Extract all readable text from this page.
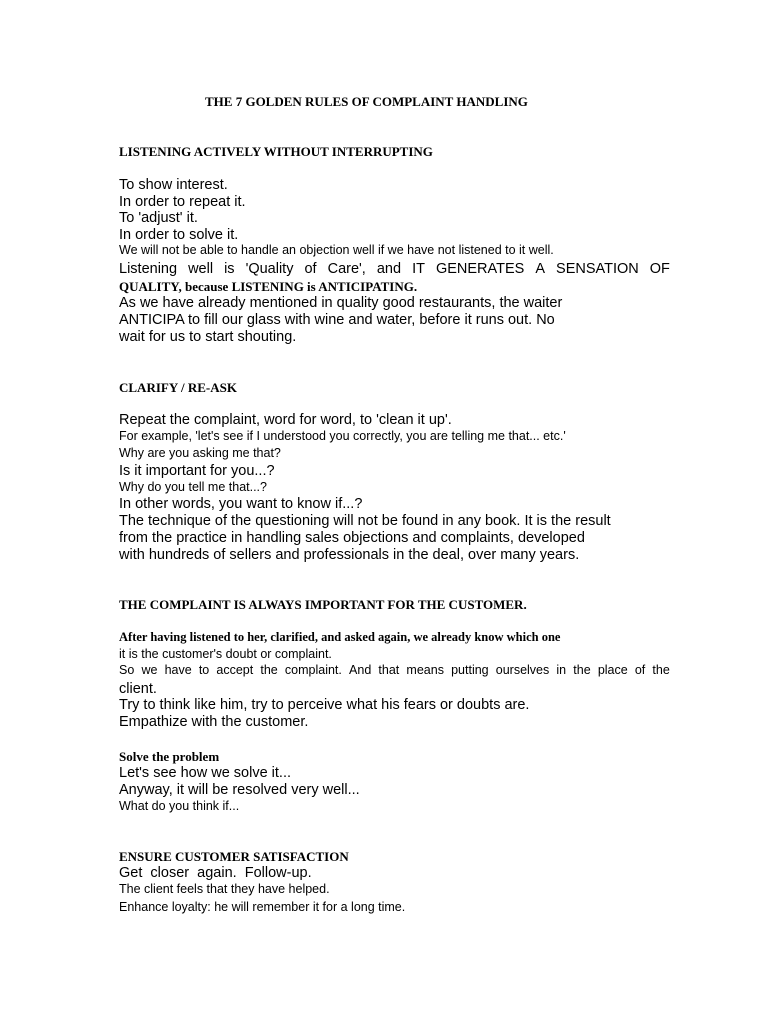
THE 7 GOLDEN RULES OF COMPLAINT HANDLING
LISTENING ACTIVELY WITHOUT INTERRUPTING
To show interest.
In order to repeat it.
To 'adjust' it.
In order to solve it.
We will not be able to handle an objection well if we have not listened to it well.
Listening well is 'Quality of Care', and IT GENERATES A SENSATION OF
QUALITY, because LISTENING is ANTICIPATING.
As we have already mentioned in quality good restaurants, the waiter
ANTICIPA to fill our glass with wine and water, before it runs out. No
wait for us to start shouting.
CLARIFY / RE-ASK
Repeat the complaint, word for word, to 'clean it up'.
For example, 'let's see if I understood you correctly, you are telling me that... etc.'
Why are you asking me that?
Is it important for you...?
Why do you tell me that...?
In other words, you want to know if...?
The technique of the questioning will not be found in any book. It is the result
from the practice in handling sales objections and complaints, developed
with hundreds of sellers and professionals in the deal, over many years.
THE COMPLAINT IS ALWAYS IMPORTANT FOR THE CUSTOMER.
After having listened to her, clarified, and asked again, we already know which one
it is the customer's doubt or complaint.
So we have to accept the complaint. And that means putting ourselves in the place of the
client.
Try to think like him, try to perceive what his fears or doubts are.
Empathize with the customer.
Solve the problem
Let's see how we solve it...
Anyway, it will be resolved very well...
What do you think if...
ENSURE CUSTOMER SATISFACTION
Get  closer  again.  Follow-up.
The client feels that they have helped.
Enhance loyalty: he will remember it for a long time.
